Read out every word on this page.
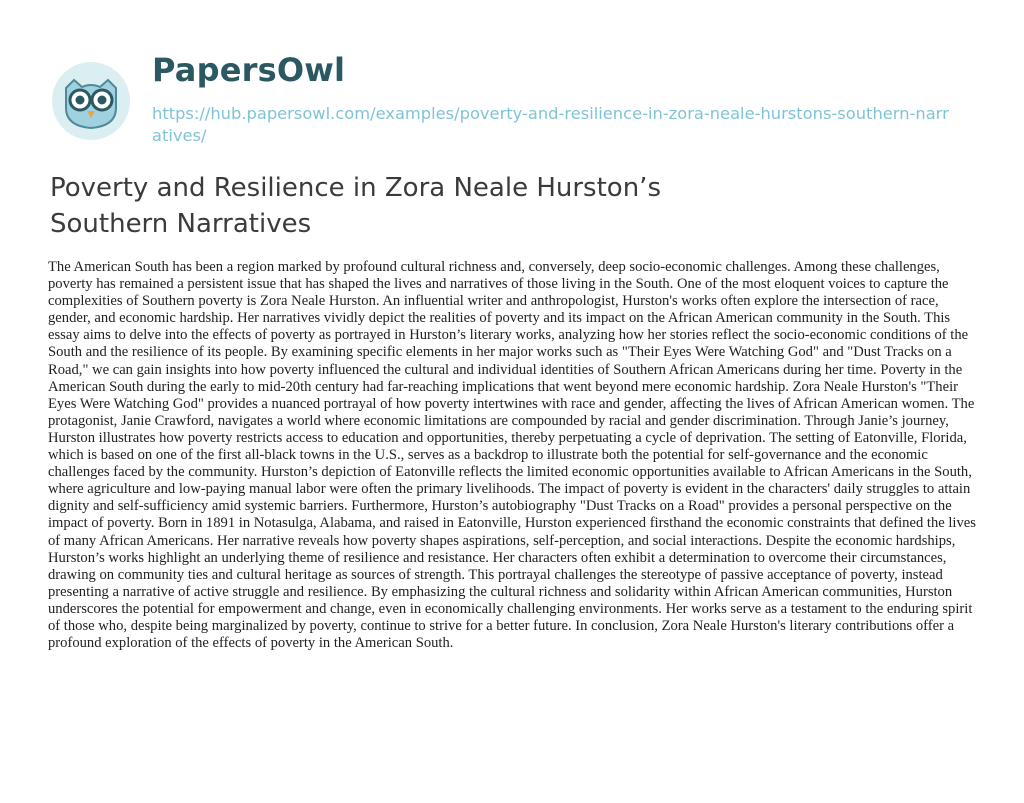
PapersOwl
https://hub.papersowl.com/examples/poverty-and-resilience-in-zora-neale-hurstons-southern-narratives/
Poverty and Resilience in Zora Neale Hurston’s Southern Narratives

The American South has been a region marked by profound cultural richness and, conversely, deep socio-economic challenges. Among these challenges, poverty has remained a persistent issue that has shaped the lives and narratives of those living in the South. One of the most eloquent voices to capture the complexities of Southern poverty is Zora Neale Hurston. An influential writer and anthropologist, Hurston's works often explore the intersection of race, gender, and economic hardship. Her narratives vividly depict the realities of poverty and its impact on the African American community in the South. This essay aims to delve into the effects of poverty as portrayed in Hurston’s literary works, analyzing how her stories reflect the socio-economic conditions of the South and the resilience of its people. By examining specific elements in her major works such as "Their Eyes Were Watching God" and "Dust Tracks on a Road," we can gain insights into how poverty influenced the cultural and individual identities of Southern African Americans during her time. Poverty in the American South during the early to mid-20th century had far-reaching implications that went beyond mere economic hardship. Zora Neale Hurston's "Their Eyes Were Watching God" provides a nuanced portrayal of how poverty intertwines with race and gender, affecting the lives of African American women. The protagonist, Janie Crawford, navigates a world where economic limitations are compounded by racial and gender discrimination. Through Janie’s journey, Hurston illustrates how poverty restricts access to education and opportunities, thereby perpetuating a cycle of deprivation. The setting of Eatonville, Florida, which is based on one of the first all-black towns in the U.S., serves as a backdrop to illustrate both the potential for self-governance and the economic challenges faced by the community. Hurston’s depiction of Eatonville reflects the limited economic opportunities available to African Americans in the South, where agriculture and low-paying manual labor were often the primary livelihoods. The impact of poverty is evident in the characters' daily struggles to attain dignity and self-sufficiency amid systemic barriers. Furthermore, Hurston’s autobiography "Dust Tracks on a Road" provides a personal perspective on the impact of poverty. Born in 1891 in Notasulga, Alabama, and raised in Eatonville, Hurston experienced firsthand the economic constraints that defined the lives of many African Americans. Her narrative reveals how poverty shapes aspirations, self-perception, and social interactions. Despite the economic hardships, Hurston’s works highlight an underlying theme of resilience and resistance. Her characters often exhibit a determination to overcome their circumstances, drawing on community ties and cultural heritage as sources of strength. This portrayal challenges the stereotype of passive acceptance of poverty, instead presenting a narrative of active struggle and resilience. By emphasizing the cultural richness and solidarity within African American communities, Hurston underscores the potential for empowerment and change, even in economically challenging environments. Her works serve as a testament to the enduring spirit of those who, despite being marginalized by poverty, continue to strive for a better future. In conclusion, Zora Neale Hurston's literary contributions offer a profound exploration of the effects of poverty in the American South.
